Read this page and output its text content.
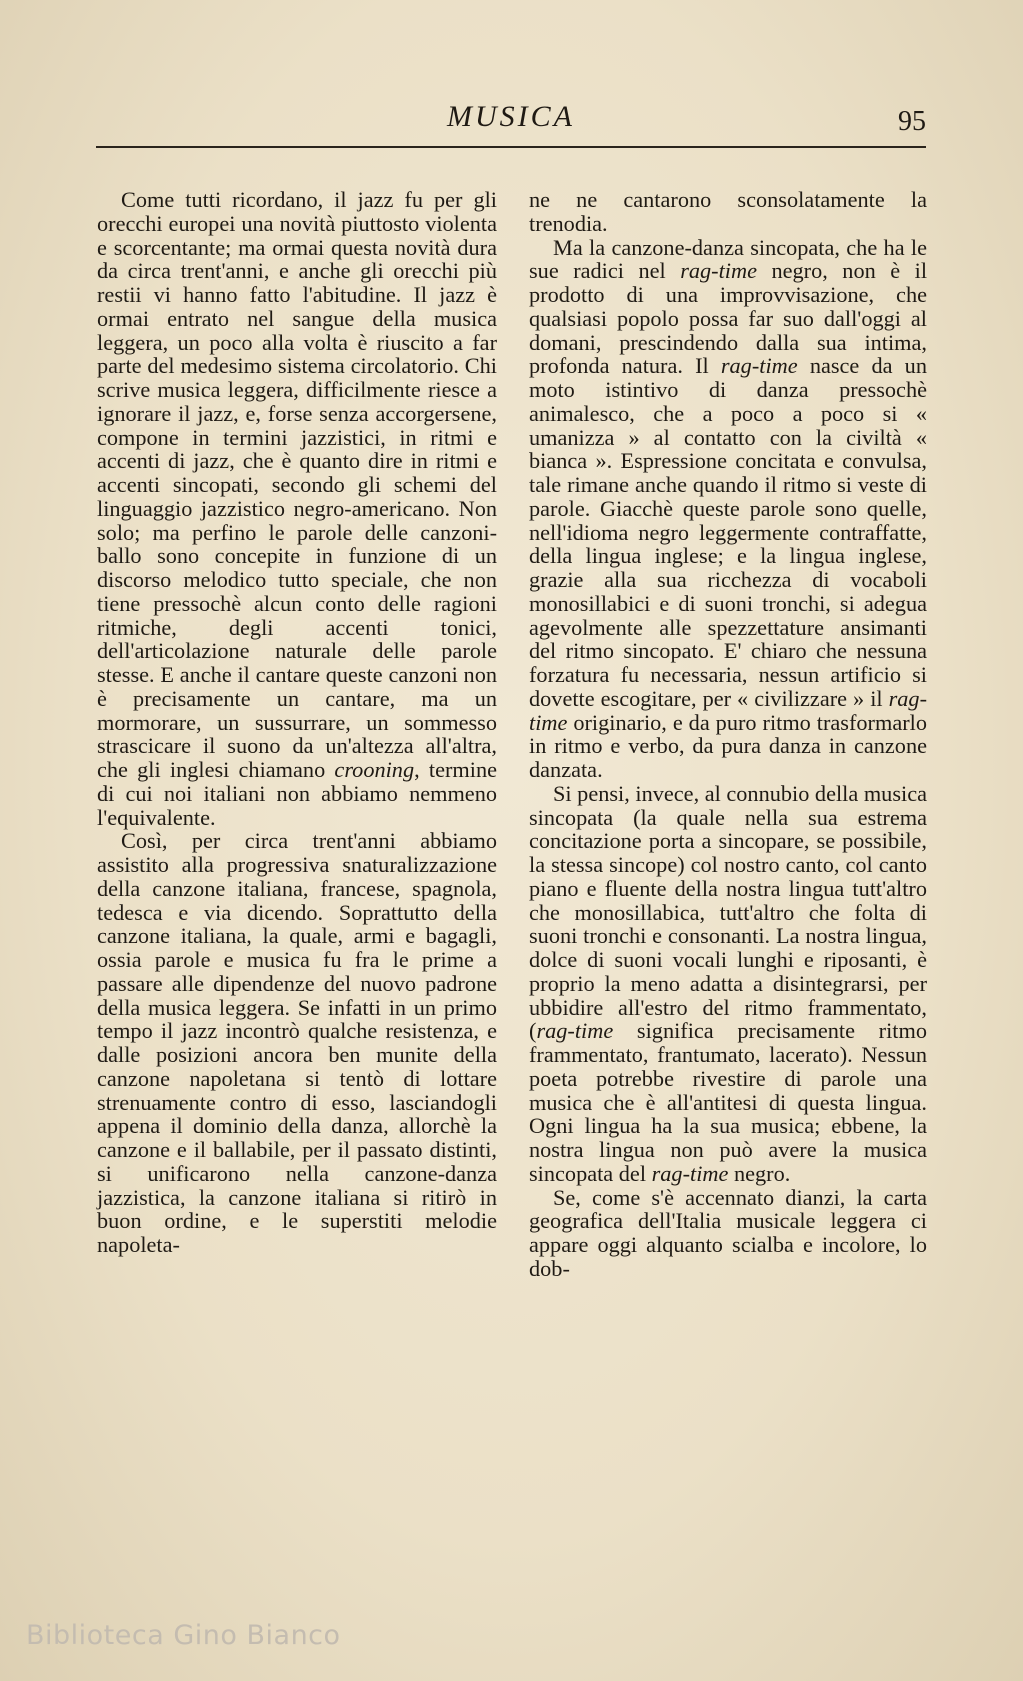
MUSICA	95

Come tutti ricordano, il jazz fu per gli orecchi europei una novità piuttosto violenta e scorcentante; ma ormai questa novità dura da circa trent'anni, e anche gli orecchi più restii vi hanno fatto l'abitudine. Il jazz è ormai entrato nel sangue della musica leggera, un poco alla volta è riuscito a far parte del medesimo sistema circolatorio. Chi scrive musica leggera, difficilmente riesce a ignorare il jazz, e, forse senza accorgersene, compone in termini jazzistici, in ritmi e accenti di jazz, che è quanto dire in ritmi e accenti sincopati, secondo gli schemi del linguaggio jazzistico negro-americano. Non solo; ma perfino le parole delle canzoni-ballo sono concepite in funzione di un discorso melodico tutto speciale, che non tiene pressochè alcun conto delle ragioni ritmiche, degli accenti tonici, dell'articolazione naturale delle parole stesse. E anche il cantare queste canzoni non è precisamente un cantare, ma un mormorare, un sussurrare, un sommesso strascicare il suono da un'altezza all'altra, che gli inglesi chiamano crooning, termine di cui noi italiani non abbiamo nemmeno l'equivalente.

Così, per circa trent'anni abbiamo assistito alla progressiva snaturalizzazione della canzone italiana, francese, spagnola, tedesca e via dicendo. Soprattutto della canzone italiana, la quale, armi e bagagli, ossia parole e musica fu fra le prime a passare alle dipendenze del nuovo padrone della musica leggera. Se infatti in un primo tempo il jazz incontrò qualche resistenza, e dalle posizioni ancora ben munite della canzone napoletana si tentò di lottare strenuamente contro di esso, lasciandogli appena il dominio della danza, allorchè la canzone e il ballabile, per il passato distinti, si unificarono nella canzone-danza jazzistica, la canzone italiana si ritirò in buon ordine, e le superstiti melodie napoleta-

ne ne cantarono sconsolatamente la trenodia.

Ma la canzone-danza sincopata, che ha le sue radici nel rag-time negro, non è il prodotto di una improvvisazione, che qualsiasi popolo possa far suo dall'oggi al domani, prescindendo dalla sua intima, profonda natura. Il rag-time nasce da un moto istintivo di danza pressochè animalesco, che a poco a poco si « umanizza » al contatto con la civiltà « bianca ». Espressione concitata e convulsa, tale rimane anche quando il ritmo si veste di parole. Giacchè queste parole sono quelle, nell'idioma negro leggermente contraffatte, della lingua inglese; e la lingua inglese, grazie alla sua ricchezza di vocaboli monosillabici e di suoni tronchi, si adegua agevolmente alle spezzettature ansimanti del ritmo sincopato. E' chiaro che nessuna forzatura fu necessaria, nessun artificio si dovette escogitare, per « civilizzare » il rag-time originario, e da puro ritmo trasformarlo in ritmo e verbo, da pura danza in canzone danzata.

Si pensi, invece, al connubio della musica sincopata (la quale nella sua estrema concitazione porta a sincopare, se possibile, la stessa sincope) col nostro canto, col canto piano e fluente della nostra lingua tutt'altro che monosillabica, tutt'altro che folta di suoni tronchi e consonanti. La nostra lingua, dolce di suoni vocali lunghi e riposanti, è proprio la meno adatta a disintegrarsi, per ubbidire all'estro del ritmo frammentato, (rag-time significa precisamente ritmo frammentato, frantumato, lacerato). Nessun poeta potrebbe rivestire di parole una musica che è all'antitesi di questa lingua. Ogni lingua ha la sua musica; ebbene, la nostra lingua non può avere la musica sincopata del rag-time negro.

Se, come s'è accennato dianzi, la carta geografica dell'Italia musicale leggera ci appare oggi alquanto scialba e incolore, lo dob-

Biblioteca Gino Bianco
